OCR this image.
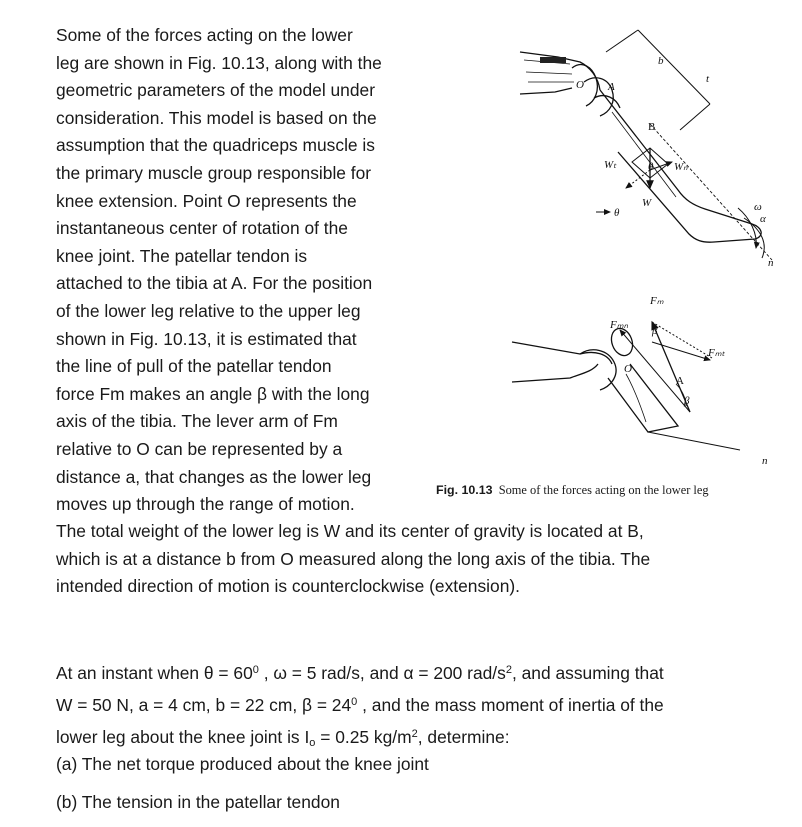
Some of the forces acting on the lower
leg are shown in Fig. 10.13, along with the
geometric parameters of the model under
consideration. This model is based on the
assumption that the quadriceps muscle is
the primary muscle group responsible for
knee extension. Point O represents the
instantaneous center of rotation of the
knee joint. The patellar tendon is
attached to the tibia at A. For the position
of the lower leg relative to the upper leg
shown in Fig. 10.13, it is estimated that
the line of pull of the patellar tendon
force Fm makes an angle β with the long
axis of the tibia. The lever arm of Fm
relative to O can be represented by a
distance a, that changes as the lower leg
moves up through the range of motion.
The total weight of the lower leg is W and its center of gravity is located at B,
which is at a distance b from O measured along the long axis of the tibia. The
intended direction of motion is counterclockwise (extension).
O A
B
b
t
Wₜ	Wₙ
θ
θ
W	ω
α
n
Fₘ
Fₘₙ β
Fₘₜ
O
A
β
n
Fig. 10.13 Some of the forces acting on the lower leg
At an instant when $\theta = 60^0$ , ω = 5 rad/s, and α = 200 rad/$s^2$, and assuming that
W = 50 N, a = 4 cm, b = 22 cm, $\beta = 24^0$ , and the mass moment of inertia of the
lower leg about the knee joint is $I_o = 0.25$ $kg/m^2$, determine:
(a) The net torque produced about the knee joint
(b) The tension in the patellar tendon
